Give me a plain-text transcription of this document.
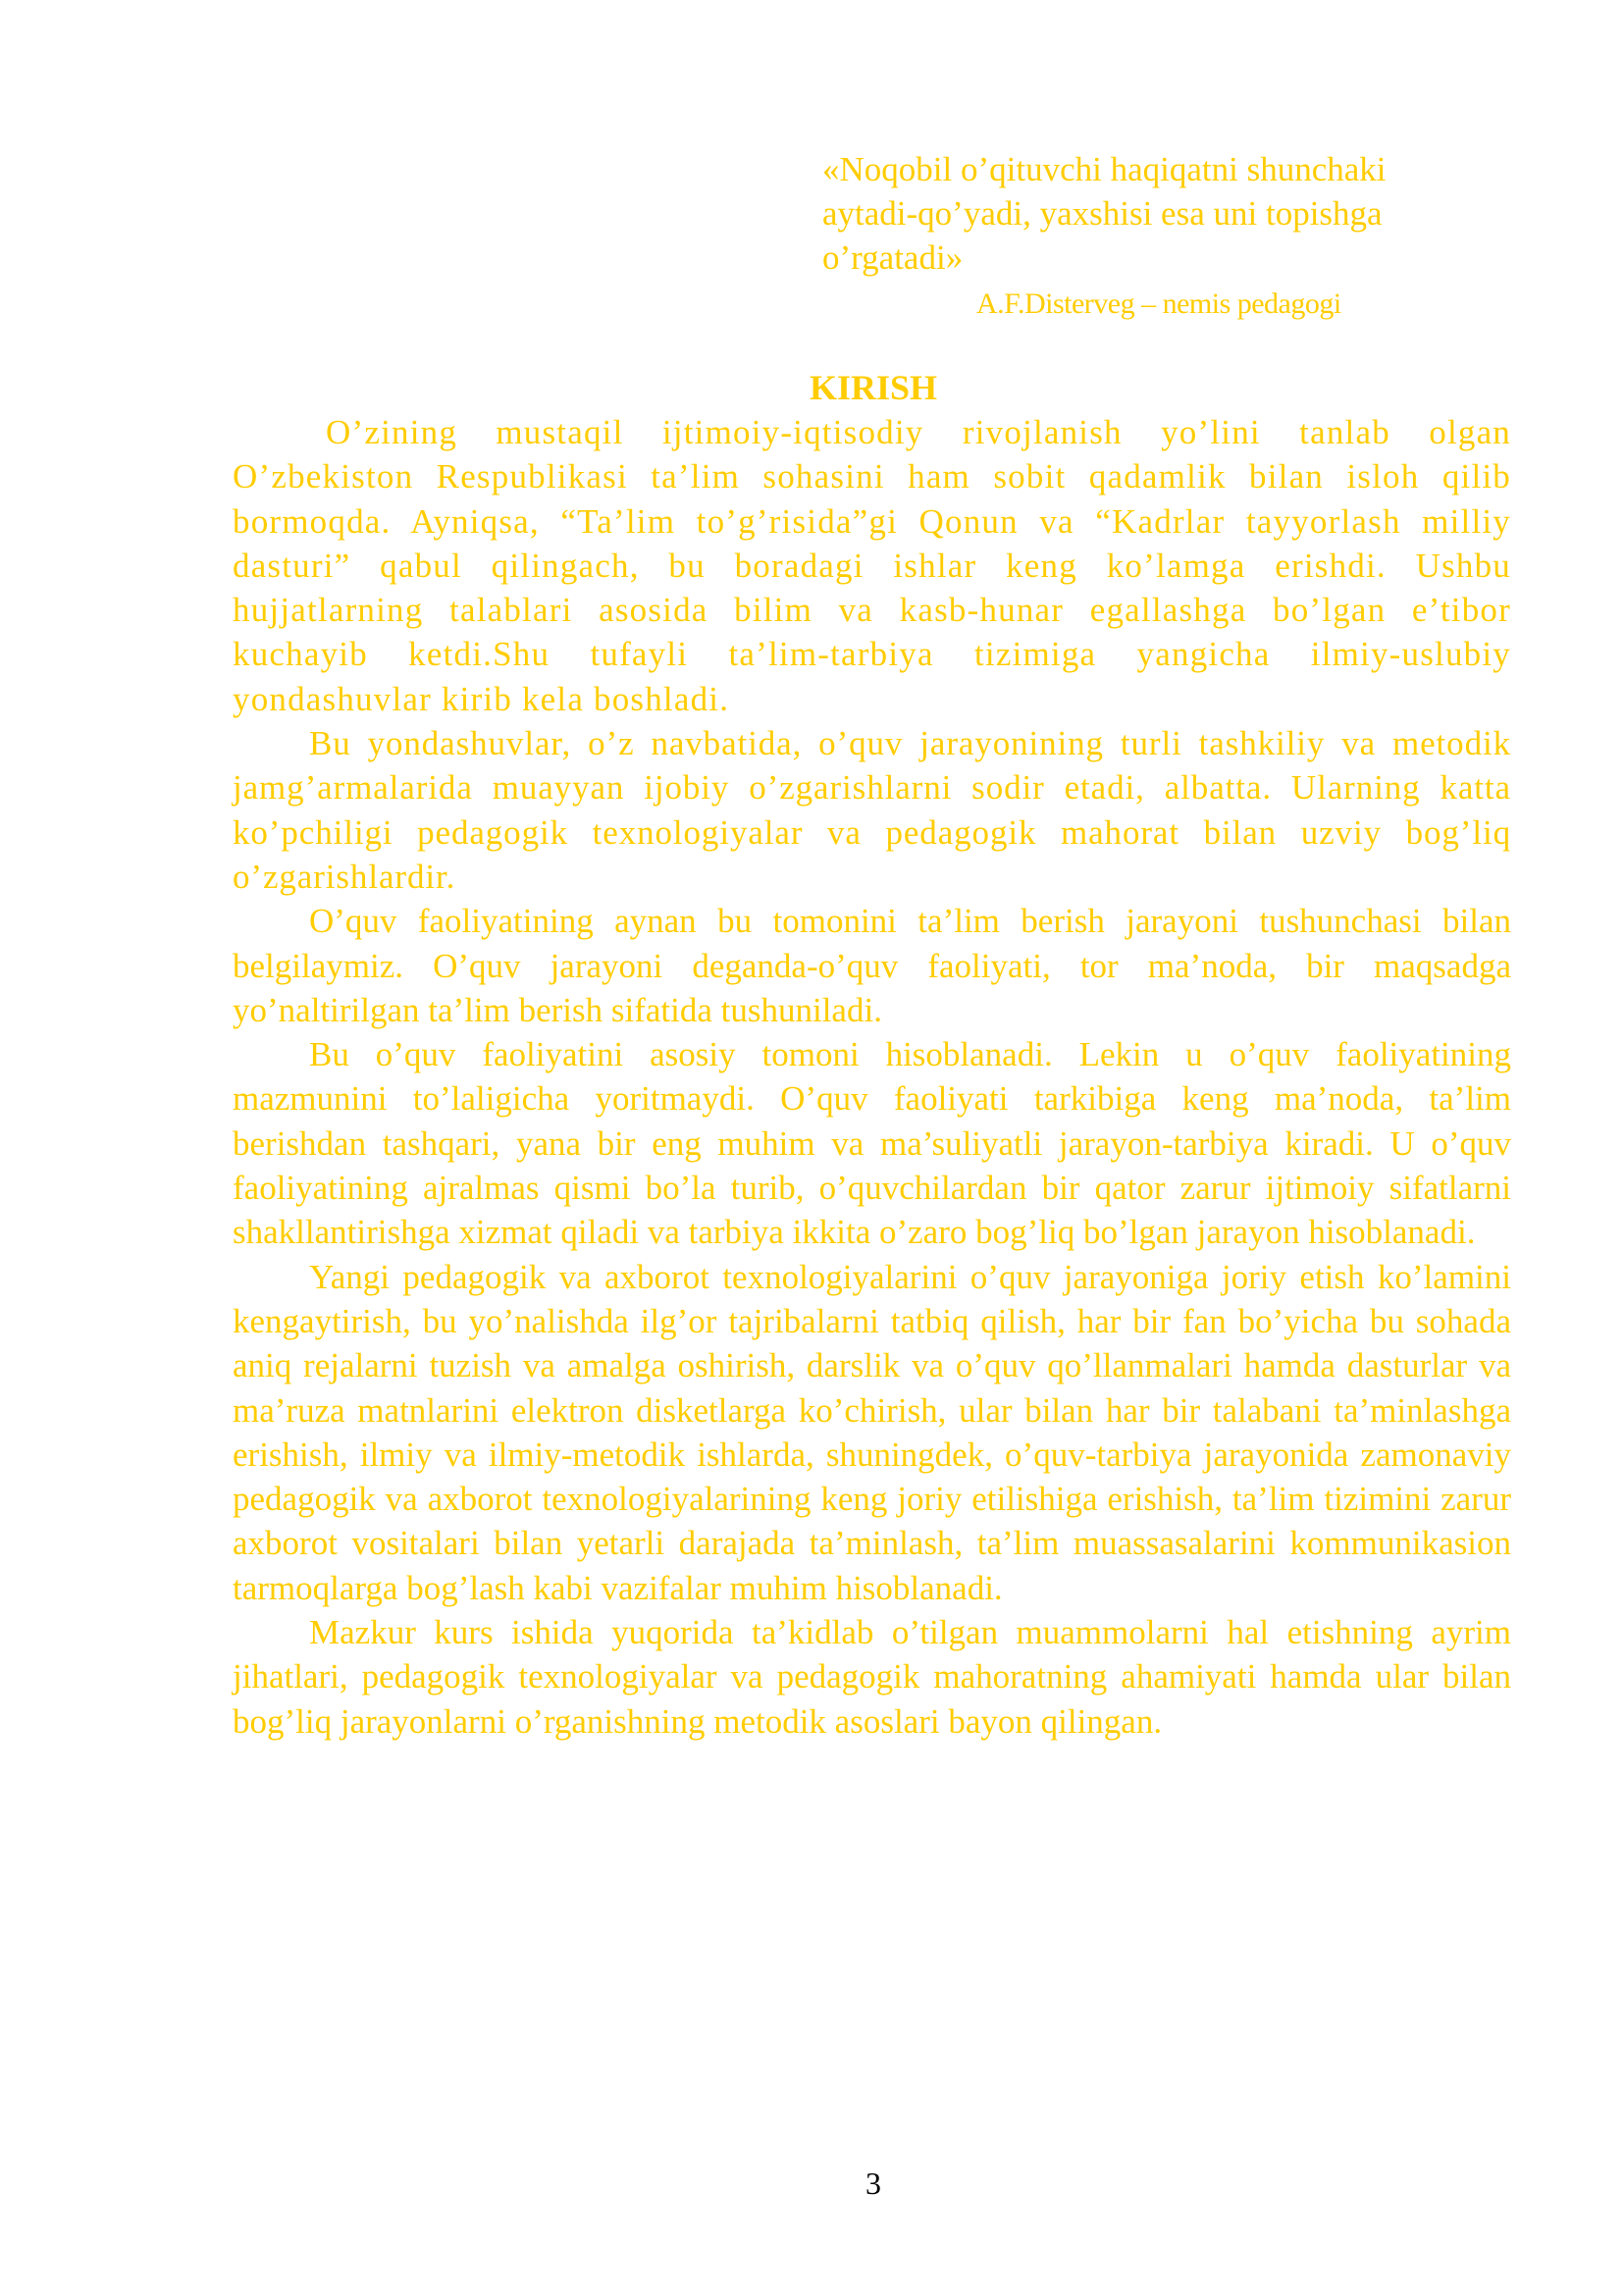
«Noqobil o’qituvchi haqiqatni shunchaki aytadi-qo’yadi, yaxshisi esa uni topishga o’rgatadi»
A.F.Disterveg – nemis pedagogi
KIRISH

O’zining mustaqil ijtimoiy-iqtisodiy rivojlanish yo’lini tanlab olgan O’zbekiston Respublikasi ta’lim sohasini ham sobit qadamlik bilan isloh qilib bormoqda. Ayniqsa, “Ta’lim to’g’risida”gi Qonun va “Kadrlar tayyorlash milliy dasturi” qabul qilingach, bu boradagi ishlar keng ko’lamga erishdi. Ushbu hujjatlarning talablari asosida bilim va kasb-hunar egallashga bo’lgan e’tibor kuchayib ketdi.Shu tufayli ta’lim-tarbiya tizimiga yangicha ilmiy-uslubiy yondashuvlar kirib kela boshladi.

Bu yondashuvlar, o’z navbatida, o’quv jarayonining turli tashkiliy va metodik jamg’armalarida muayyan ijobiy o’zgarishlarni sodir etadi, albatta. Ularning katta ko’pchiligi pedagogik texnologiyalar va pedagogik mahorat bilan uzviy bog’liq o’zgarishlardir.

O’quv faoliyatining aynan bu tomonini ta’lim berish jarayoni tushunchasi bilan belgilaymiz. O’quv jarayoni deganda-o’quv faoliyati, tor ma’noda, bir maqsadga yo’naltirilgan ta’lim berish sifatida tushuniladi.

Bu o’quv faoliyatini asosiy tomoni hisoblanadi. Lekin u o’quv faoliyatining mazmunini to’laligicha yoritmaydi. O’quv faoliyati tarkibiga keng ma’noda, ta’lim berishdan tashqari, yana bir eng muhim va ma’suliyatli jarayon-tarbiya kiradi. U o’quv faoliyatining ajralmas qismi bo’la turib, o’quvchilardan bir qator zarur ijtimoiy sifatlarni shakllantirishga xizmat qiladi va tarbiya ikkita o’zaro bog’liq bo’lgan jarayon hisoblanadi.

Yangi pedagogik va axborot texnologiyalarini o’quv jarayoniga joriy etish ko’lamini kengaytirish, bu yo’nalishda ilg’or tajribalarni tatbiq qilish, har bir fan bo’yicha bu sohada aniq rejalarni tuzish va amalga oshirish, darslik va o’quv qo’llanmalari hamda dasturlar va ma’ruza matnlarini elektron disketlarga ko’chirish, ular bilan har bir talabani ta’minlashga erishish, ilmiy va ilmiy-metodik ishlarda, shuningdek, o’quv-tarbiya jarayonida zamonaviy pedagogik va axborot texnologiyalarining keng joriy etilishiga erishish, ta’lim tizimini zarur axborot vositalari bilan yetarli darajada ta’minlash, ta’lim muassasalarini kommunikasion tarmoqlarga bog’lash kabi vazifalar muhim hisoblanadi.

Mazkur kurs ishida yuqorida ta’kidlab o’tilgan muammolarni hal etishning ayrim jihatlari, pedagogik texnologiyalar va pedagogik mahoratning ahamiyati hamda ular bilan bog’liq jarayonlarni o’rganishning metodik asoslari bayon qilingan.

3
